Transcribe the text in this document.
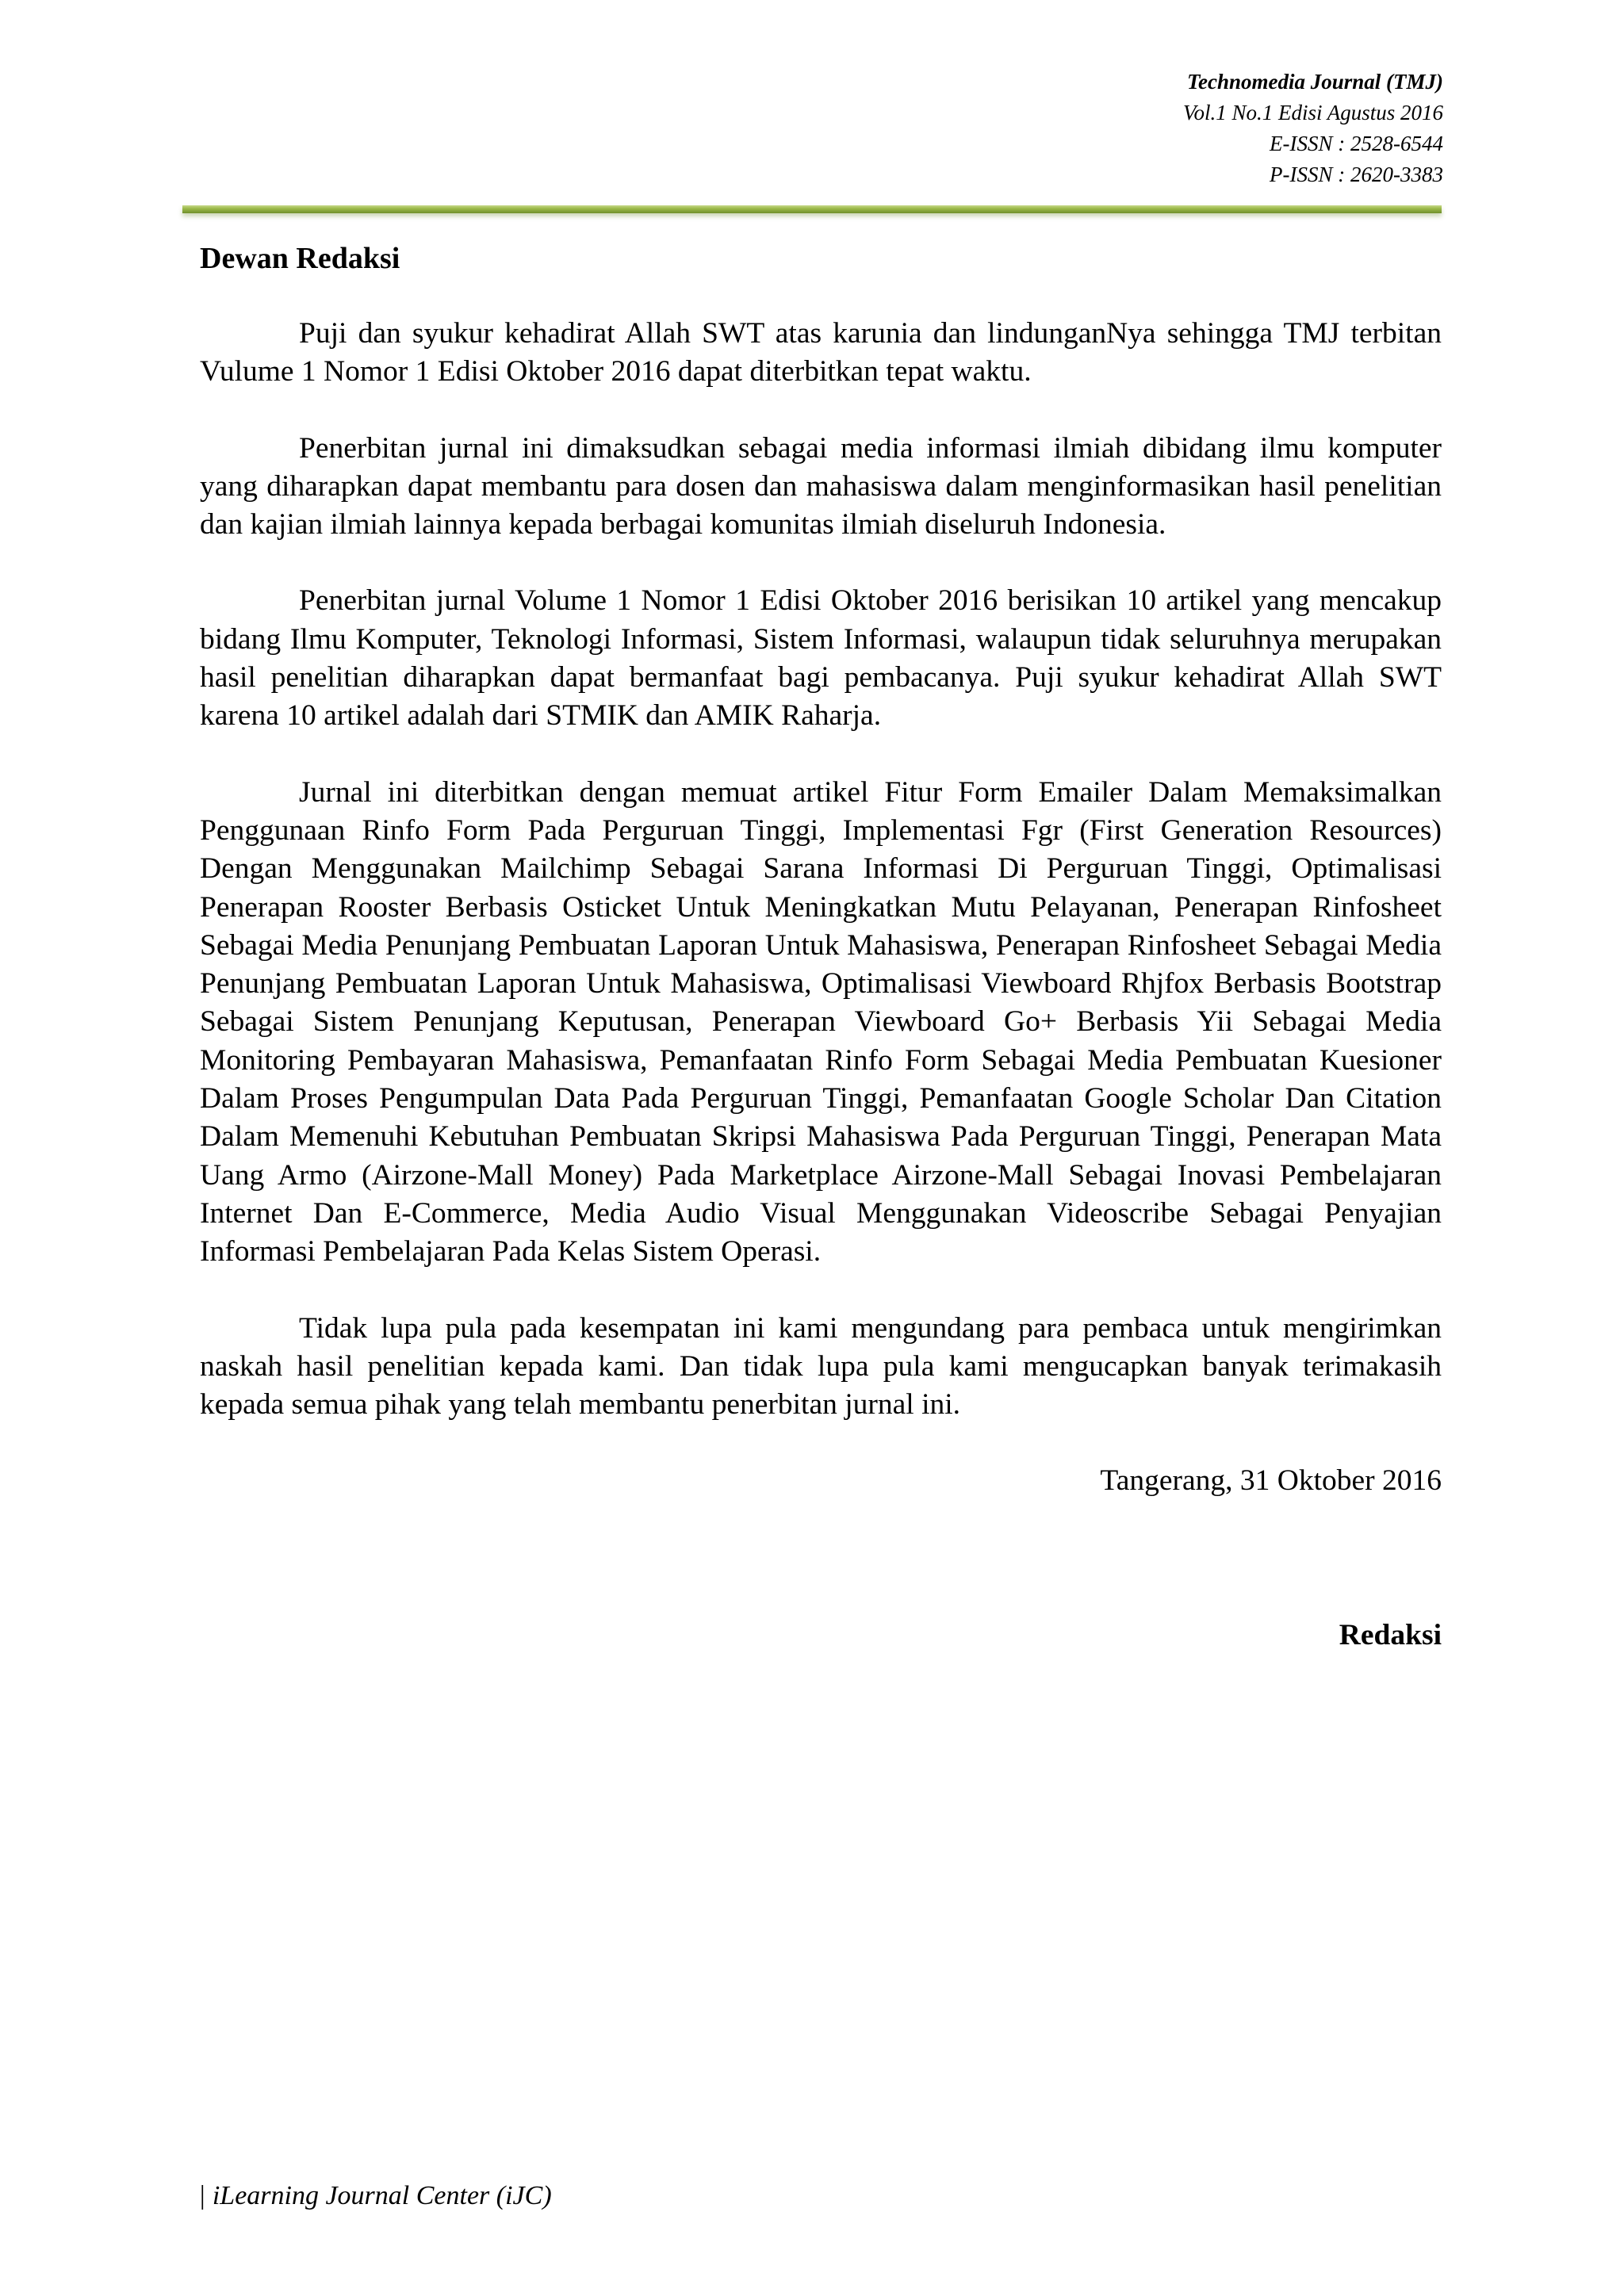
Technomedia Journal (TMJ)
Vol.1 No.1 Edisi Agustus 2016
E-ISSN : 2528-6544
P-ISSN : 2620-3383
Dewan Redaksi

Puji dan syukur kehadirat Allah SWT atas karunia dan lindunganNya sehingga TMJ terbitan Vulume 1 Nomor 1 Edisi Oktober 2016 dapat diterbitkan tepat waktu.

Penerbitan jurnal ini dimaksudkan sebagai media informasi ilmiah dibidang ilmu komputer yang diharapkan dapat membantu para dosen dan mahasiswa dalam menginformasikan hasil penelitian dan kajian ilmiah lainnya kepada berbagai komunitas ilmiah diseluruh Indonesia.

Penerbitan jurnal Volume 1 Nomor 1 Edisi Oktober 2016 berisikan 10 artikel yang mencakup bidang Ilmu Komputer, Teknologi Informasi, Sistem Informasi, walaupun tidak seluruhnya merupakan hasil penelitian diharapkan dapat bermanfaat bagi pembacanya. Puji syukur kehadirat Allah SWT karena 10 artikel adalah dari STMIK dan AMIK Raharja.

Jurnal ini diterbitkan dengan memuat artikel Fitur Form Emailer Dalam Memaksimalkan Penggunaan Rinfo Form Pada Perguruan Tinggi, Implementasi Fgr (First Generation Resources) Dengan Menggunakan Mailchimp Sebagai Sarana Informasi Di Perguruan Tinggi, Optimalisasi Penerapan Rooster Berbasis Osticket Untuk Meningkatkan Mutu Pelayanan, Penerapan Rinfosheet Sebagai Media Penunjang Pembuatan Laporan Untuk Mahasiswa, Penerapan Rinfosheet Sebagai Media Penunjang Pembuatan Laporan Untuk Mahasiswa, Optimalisasi Viewboard Rhjfox Berbasis Bootstrap Sebagai Sistem Penunjang Keputusan, Penerapan Viewboard Go+ Berbasis Yii Sebagai Media Monitoring Pembayaran Mahasiswa, Pemanfaatan Rinfo Form Sebagai Media Pembuatan Kuesioner Dalam Proses Pengumpulan Data Pada Perguruan Tinggi, Pemanfaatan Google Scholar Dan Citation Dalam Memenuhi Kebutuhan Pembuatan Skripsi Mahasiswa Pada Perguruan Tinggi, Penerapan Mata Uang Armo (Airzone-Mall Money) Pada Marketplace Airzone-Mall Sebagai Inovasi Pembelajaran Internet Dan E-Commerce, Media Audio Visual Menggunakan Videoscribe Sebagai Penyajian Informasi Pembelajaran Pada Kelas Sistem Operasi.

Tidak lupa pula pada kesempatan ini kami mengundang para pembaca untuk mengirimkan naskah hasil penelitian kepada kami. Dan tidak lupa pula kami mengucapkan banyak terimakasih kepada semua pihak yang telah membantu penerbitan jurnal ini.

Tangerang, 31 Oktober 2016
Redaksi
| iLearning Journal Center (iJC)
